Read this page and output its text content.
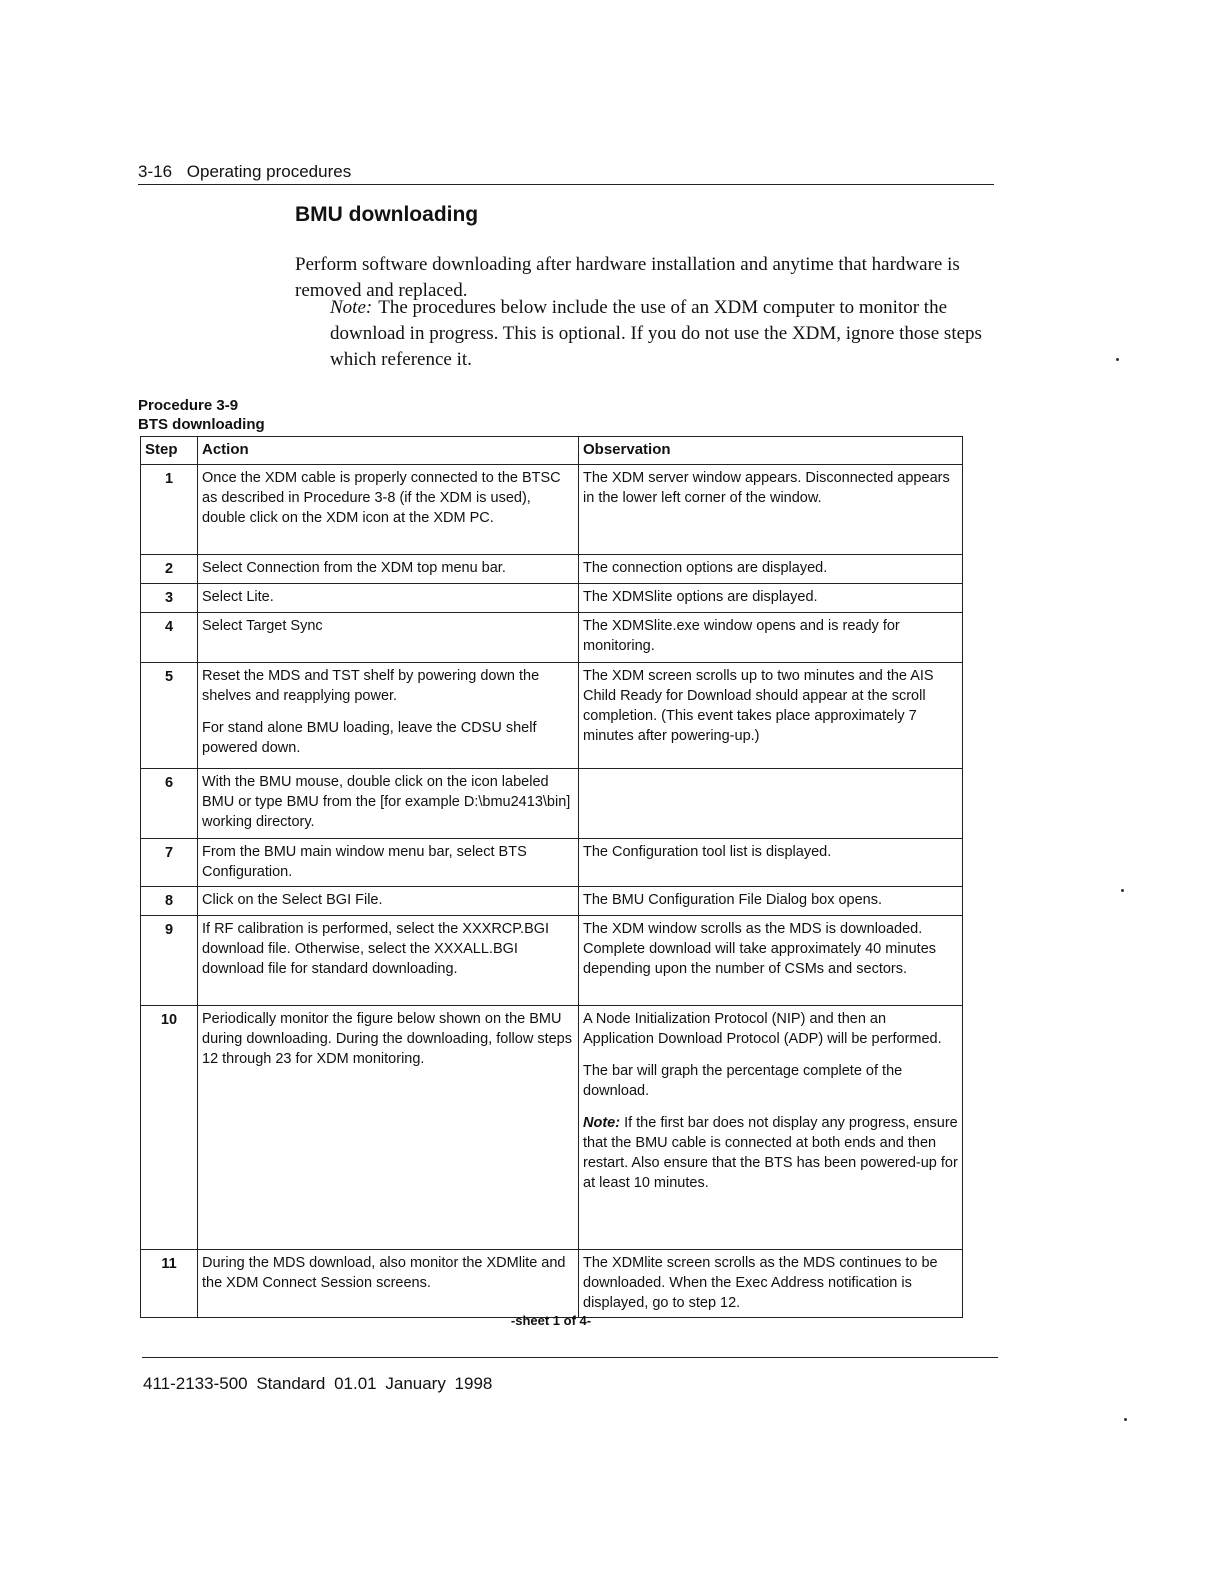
3-16 Operating procedures
BMU downloading

Perform software downloading after hardware installation and anytime that hardware is removed and replaced.
Note: The procedures below include the use of an XDM computer to monitor the download in progress. This is optional. If you do not use the XDM, ignore those steps which reference it.
Procedure 3-9
BTS downloading
Step	Action	Observation
1	Once the XDM cable is properly connected to the BTSC as described in Procedure 3-8 (if the XDM is used), double click on the XDM icon at the XDM PC.	The XDM server window appears. Disconnected appears in the lower left corner of the window.

2	Select Connection from the XDM top menu bar.	The connection options are displayed.

3	Select Lite.	The XDMSlite options are displayed.

4	Select Target Sync	The XDMSlite.exe window opens and is ready for monitoring.

5	Reset the MDS and TST shelf by powering down the shelves and reapplying power.

For stand alone BMU loading, leave the CDSU shelf powered down.	The XDM screen scrolls up to two minutes and the AIS Child Ready for Download should appear at the scroll completion. (This event takes place approximately 7 minutes after powering-up.)

6	With the BMU mouse, double click on the icon labeled BMU or type BMU from the [for example D:\bmu2413\bin] working directory.	

7	From the BMU main window menu bar, select BTS Configuration.	The Configuration tool list is displayed.

8	Click on the Select BGI File.	The BMU Configuration File Dialog box opens.

9	If RF calibration is performed, select the XXXRCP.BGI download file. Otherwise, select the XXXALL.BGI download file for standard downloading.	The XDM window scrolls as the MDS is downloaded. Complete download will take approximately 40 minutes depending upon the number of CSMs and sectors.

10	Periodically monitor the figure below shown on the BMU during downloading. During the downloading, follow steps 12 through 23 for XDM monitoring.	A Node Initialization Protocol (NIP) and then an Application Download Protocol (ADP) will be performed.

The bar will graph the percentage complete of the download.

Note: If the first bar does not display any progress, ensure that the BMU cable is connected at both ends and then restart. Also ensure that the BTS has been powered-up for at least 10 minutes.

11	During the MDS download, also monitor the XDMlite and the XDM Connect Session screens.	The XDMlite screen scrolls as the MDS continues to be downloaded. When the Exec Address notification is displayed, go to step 12.

-sheet 1 of 4-
411-2133-500 Standard 01.01 January 1998
